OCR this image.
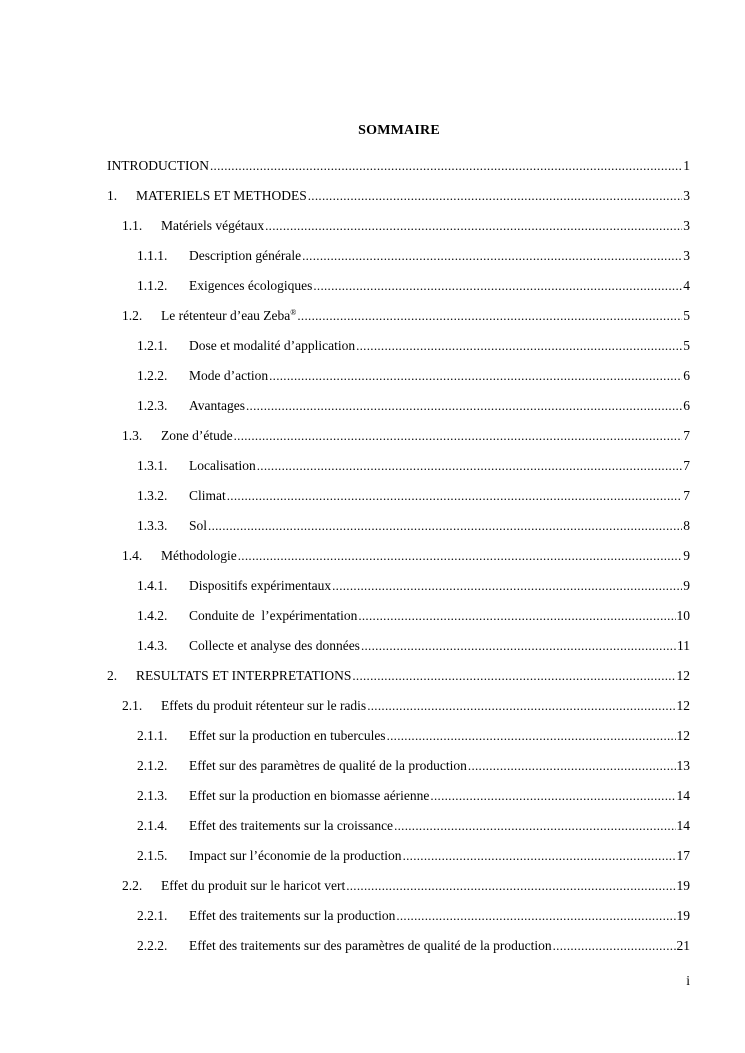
SOMMAIRE
INTRODUCTION .....	1
1.	MATERIELS ET METHODES .....	3
1.1.	Matériels végétaux .....	3
1.1.1.	Description générale .....	3
1.1.2.	Exigences écologiques .....	4
1.2.	Le rétenteur d’eau Zeba® .....	5
1.2.1.	Dose et modalité d’application .....	5
1.2.2.	Mode d’action .....	6
1.2.3.	Avantages .....	6
1.3.	Zone d’étude .....	7
1.3.1.	Localisation .....	7
1.3.2.	Climat .....	7
1.3.3.	Sol .....	8
1.4.	Méthodologie .....	9
1.4.1.	Dispositifs expérimentaux .....	9
1.4.2.	Conduite de  l’expérimentation .....	10
1.4.3.	Collecte et analyse des données .....	11
2.	RESULTATS ET INTERPRETATIONS .....	12
2.1.	Effets du produit rétenteur sur le radis .....	12
2.1.1.	Effet sur la production en tubercules .....	12
2.1.2.	Effet sur des paramètres de qualité de la production .....	13
2.1.3.	Effet sur la production en biomasse aérienne .....	14
2.1.4.	Effet des traitements sur la croissance .....	14
2.1.5.	Impact sur l’économie de la production .....	17
2.2.	Effet du produit sur le haricot vert .....	19
2.2.1.	Effet des traitements sur la production .....	19
2.2.2.	Effet des traitements sur des paramètres de qualité de la production .....	21
i
